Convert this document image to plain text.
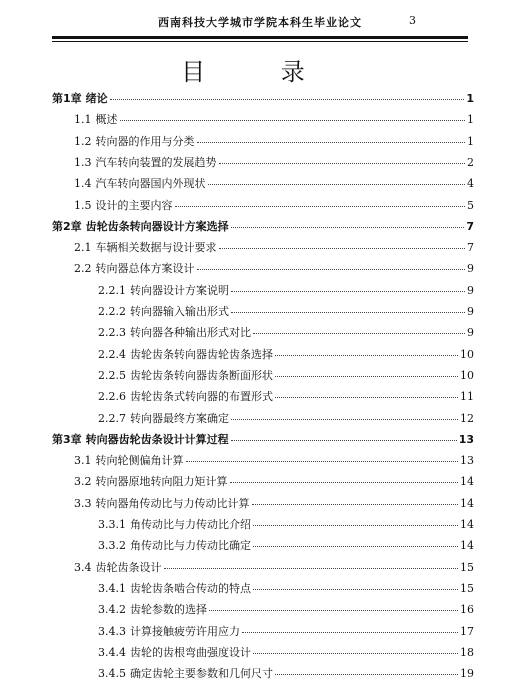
西南科技大学城市学院本科生毕业论文	3
目 录
第1章 绪论	1
1.1 概述	1
1.2 转向器的作用与分类	1
1.3 汽车转向装置的发展趋势	2
1.4 汽车转向器国内外现状	4
1.5 设计的主要内容	5
第2章 齿轮齿条转向器设计方案选择	7
2.1 车辆相关数据与设计要求	7
2.2 转向器总体方案设计	9
2.2.1 转向器设计方案说明	9
2.2.2 转向器输入输出形式	9
2.2.3 转向器各种输出形式对比	9
2.2.4 齿轮齿条转向器齿轮齿条选择	10
2.2.5 齿轮齿条转向器齿条断面形状	10
2.2.6 齿轮齿条式转向器的布置形式	11
2.2.7 转向器最终方案确定	12
第3章 转向器齿轮齿条设计计算过程	13
3.1 转向轮侧偏角计算	13
3.2 转向器原地转向阻力矩计算	14
3.3 转向器角传动比与力传动比计算	14
3.3.1 角传动比与力传动比介绍	14
3.3.2 角传动比与力传动比确定	14
3.4 齿轮齿条设计	15
3.4.1 齿轮齿条啮合传动的特点	15
3.4.2 齿轮参数的选择	16
3.4.3 计算接触疲劳许用应力	17
3.4.4 齿轮的齿根弯曲强度设计	18
3.4.5 确定齿轮主要参数和几何尺寸	19
